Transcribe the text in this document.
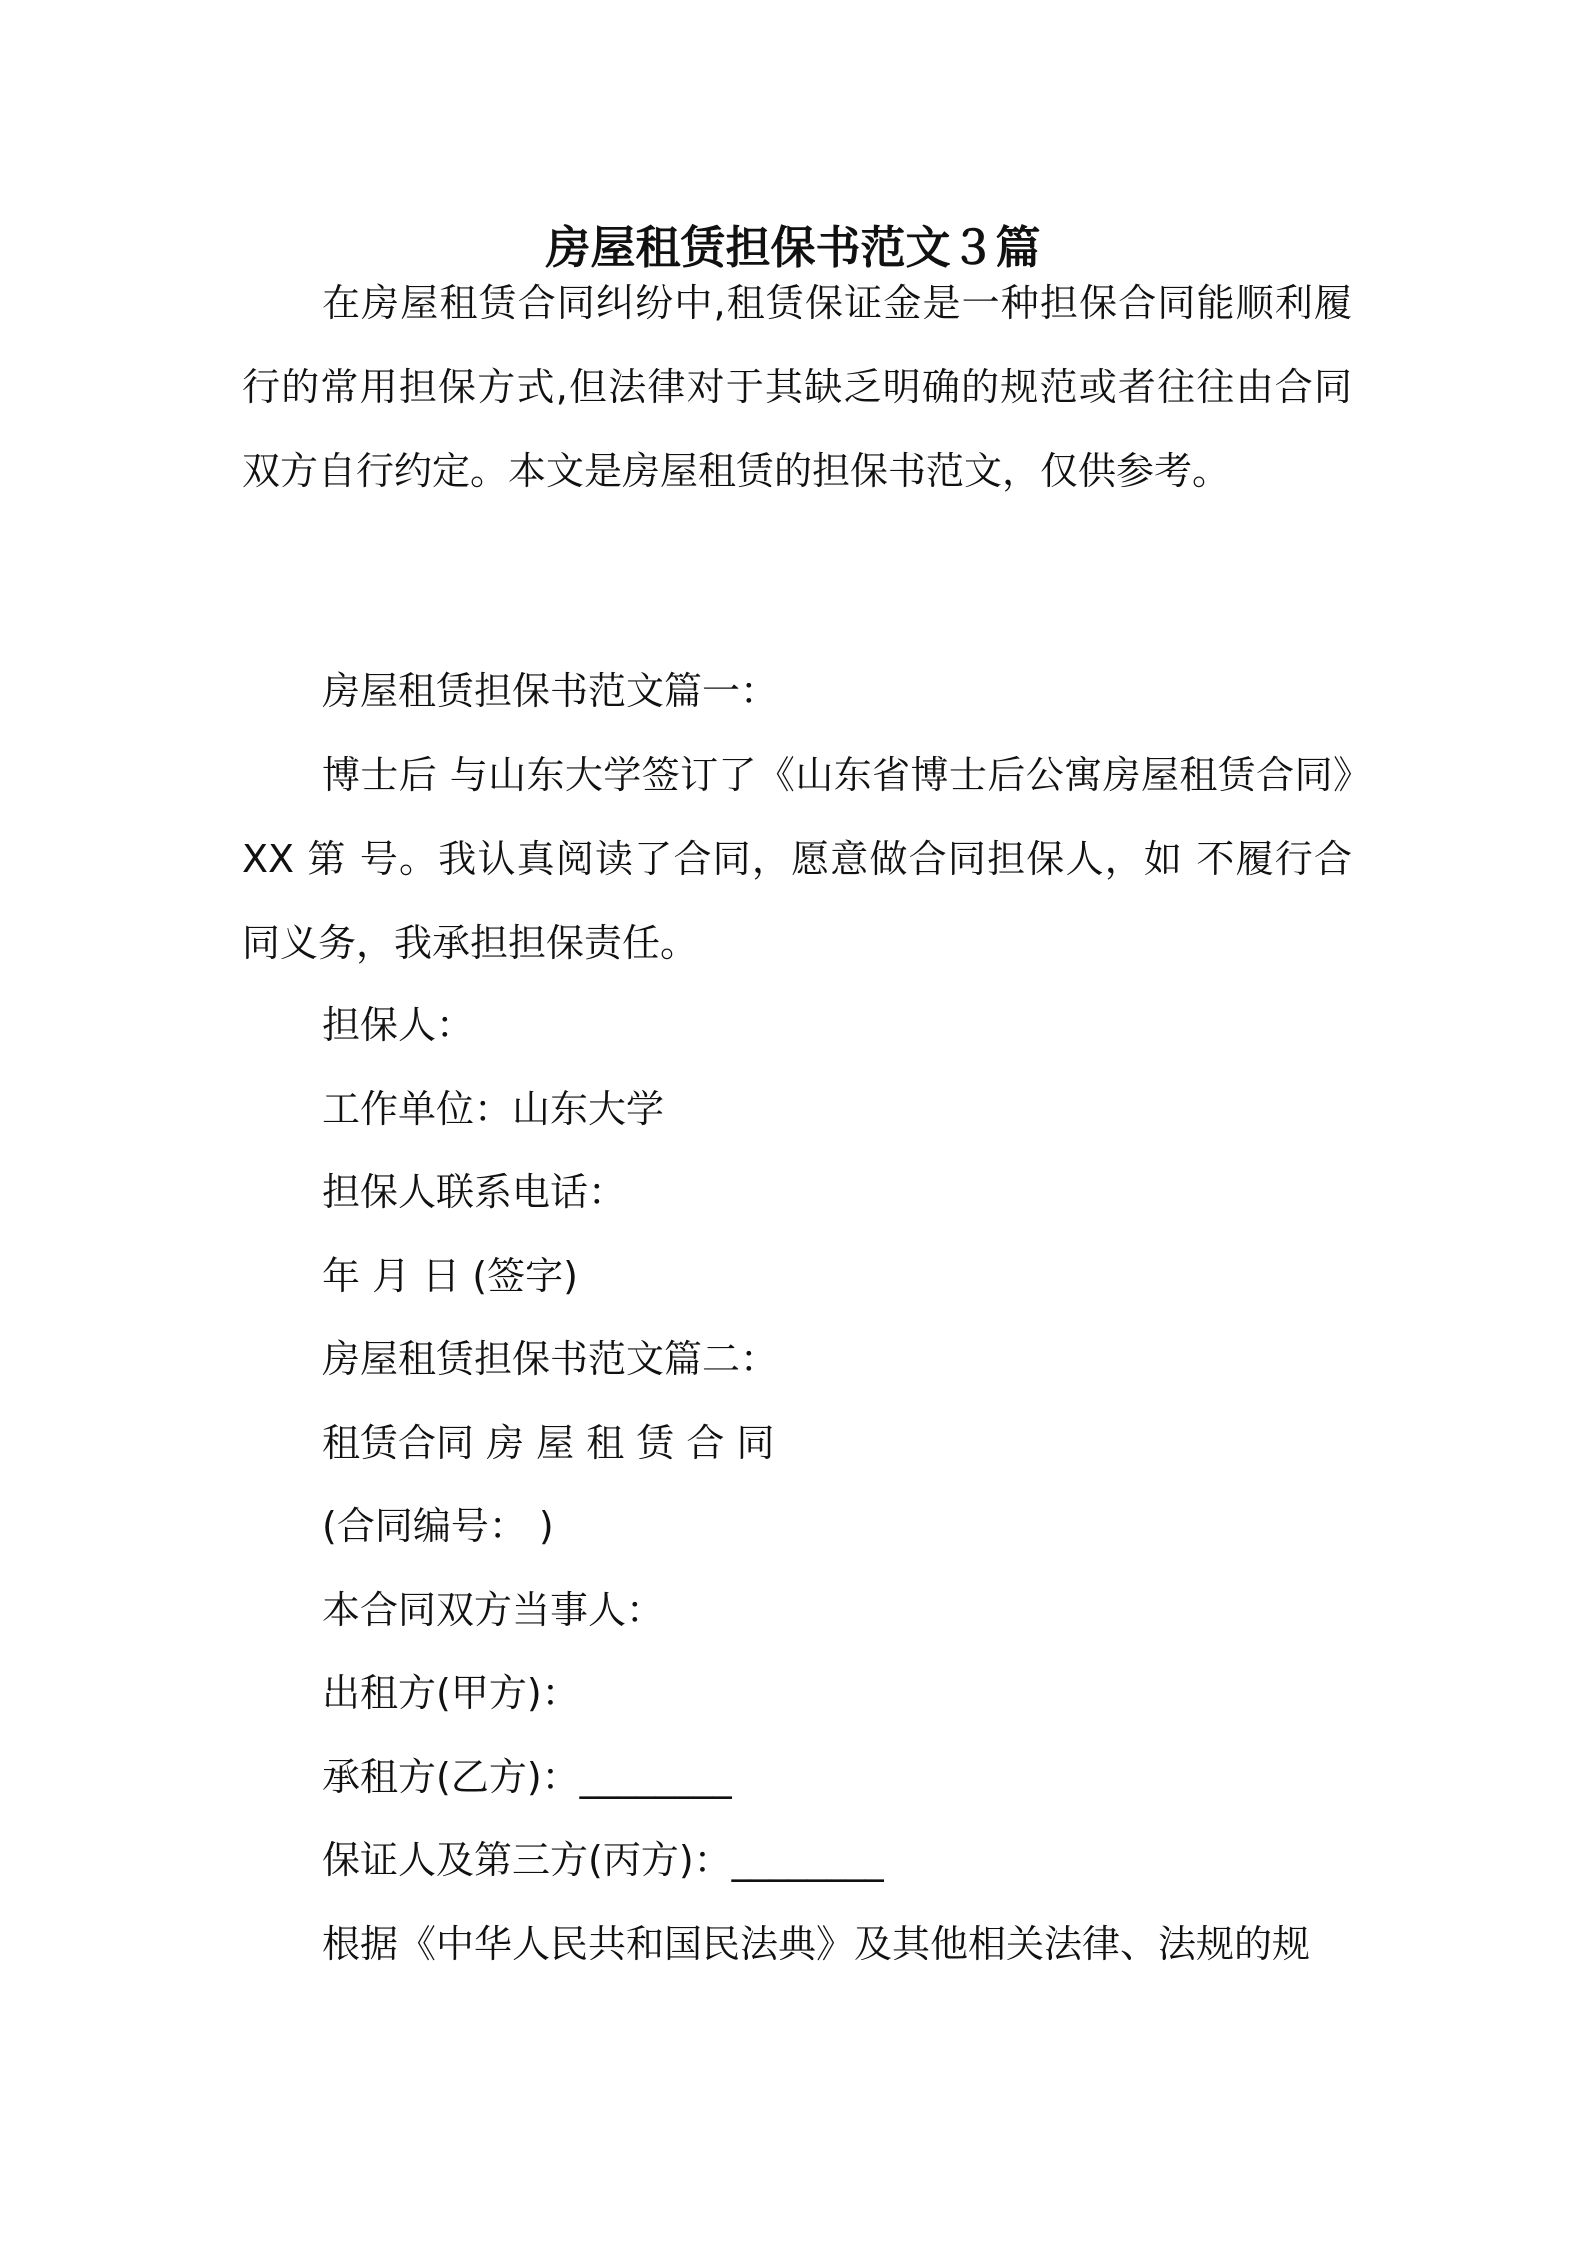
房屋租赁担保书范文３篇

在房屋租赁合同纠纷中,租赁保证金是一种担保合同能顺利履行的常用担保方式,但法律对于其缺乏明确的规范或者往往由合同双方自行约定。本文是房屋租赁的担保书范文，仅供参考。

房屋租赁担保书范文篇一：

博士后 与山东大学签订了《山东省博士后公寓房屋租赁合同》XX 第 号。我认真阅读了合同，愿意做合同担保人，如 不履行合同义务，我承担担保责任。

担保人：
工作单位：山东大学
担保人联系电话：
年 月 日 (签字)
房屋租赁担保书范文篇二：
租赁合同 房 屋 租 赁 合 同
(合同编号： )
本合同双方当事人：
出租方(甲方)：
承租方(乙方)：________
保证人及第三方(丙方)：________
根据《中华人民共和国民法典》及其他相关法律、法规的规
